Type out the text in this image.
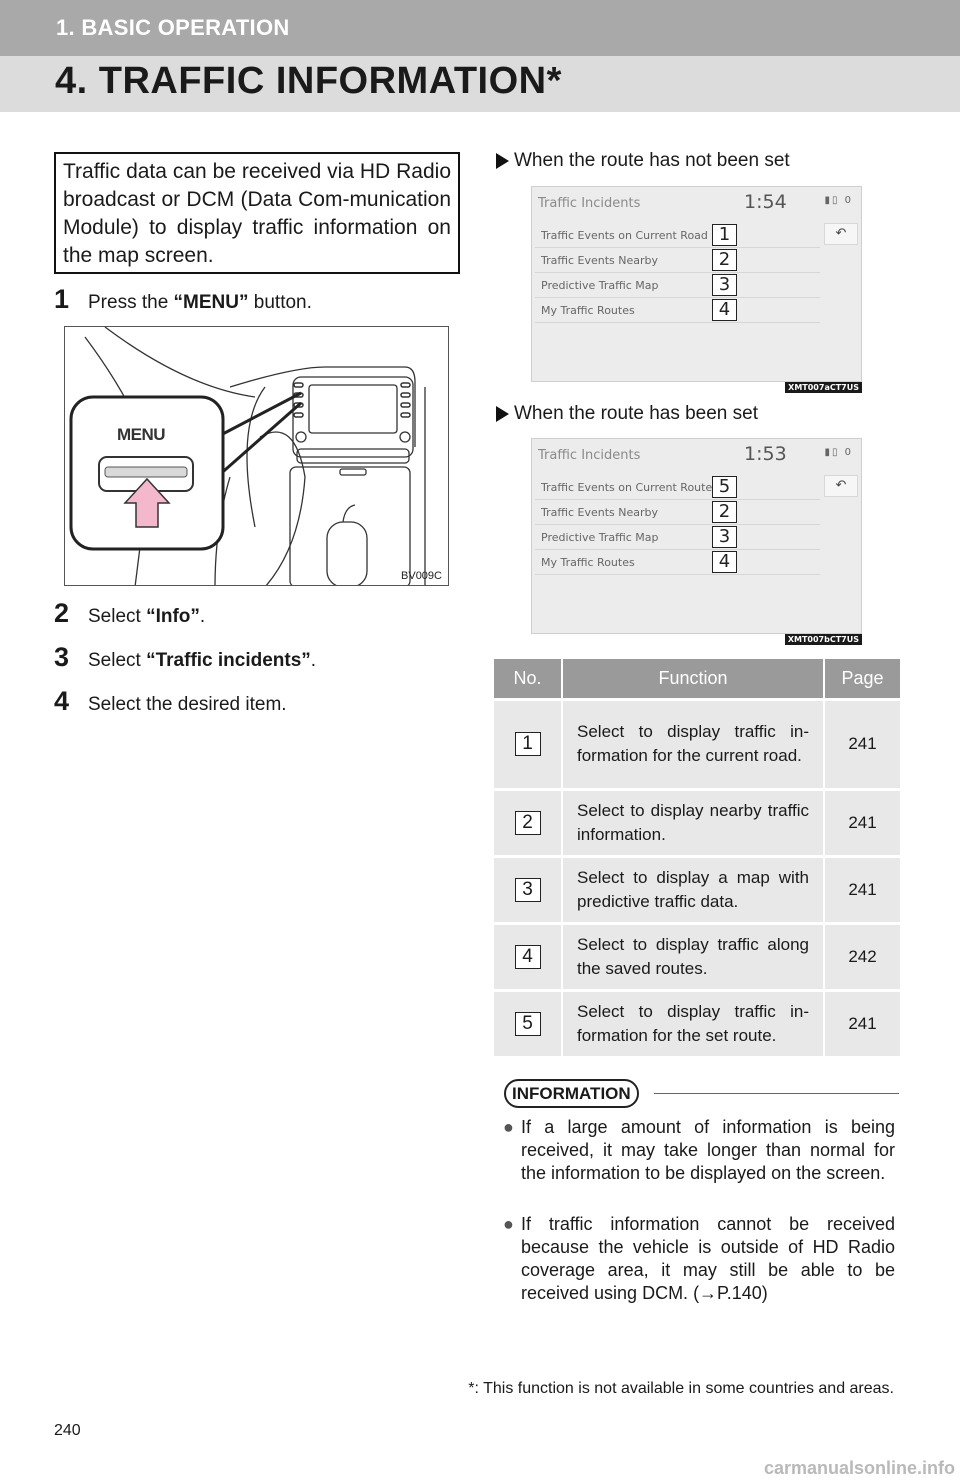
1. BASIC OPERATION
4. TRAFFIC INFORMATION*
Traffic data can be received via HD Radio broadcast or DCM (Data Com-munication Module) to display traffic information on the map screen.
1 Press the “MENU” button.
MENU
BV009C
2 Select “Info”.
3 Select “Traffic incidents”.
4 Select the desired item.
When the route has not been set
Traffic Incidents	1:54	▮▯ 0
↶
Traffic Events on Current Road
Traffic Events Nearby
Predictive Traffic Map
My Traffic Routes
1
2
3
4
XMT007aCT7US
When the route has been set
Traffic Incidents	1:53	▮▯ 0
↶
Traffic Events on Current Route
Traffic Events Nearby
Predictive Traffic Map
My Traffic Routes
5
2
3
4
XMT007bCT7US
No.	Function	Page
1	Select to display traffic in-formation for the current road.	241
2	Select to display nearby traffic information.	241
3	Select to display a map with predictive traffic data.	241
4	Select to display traffic along the saved routes.	242
5	Select to display traffic in-formation for the set route.	241
INFORMATION
● If a large amount of information is being received, it may take longer than normal for the information to be displayed on the screen.
● If traffic information cannot be received because the vehicle is outside of HD Radio coverage area, it may still be able to be received using DCM. (→P.140)
*: This function is not available in some countries and areas.
240
carmanualsonline.info
